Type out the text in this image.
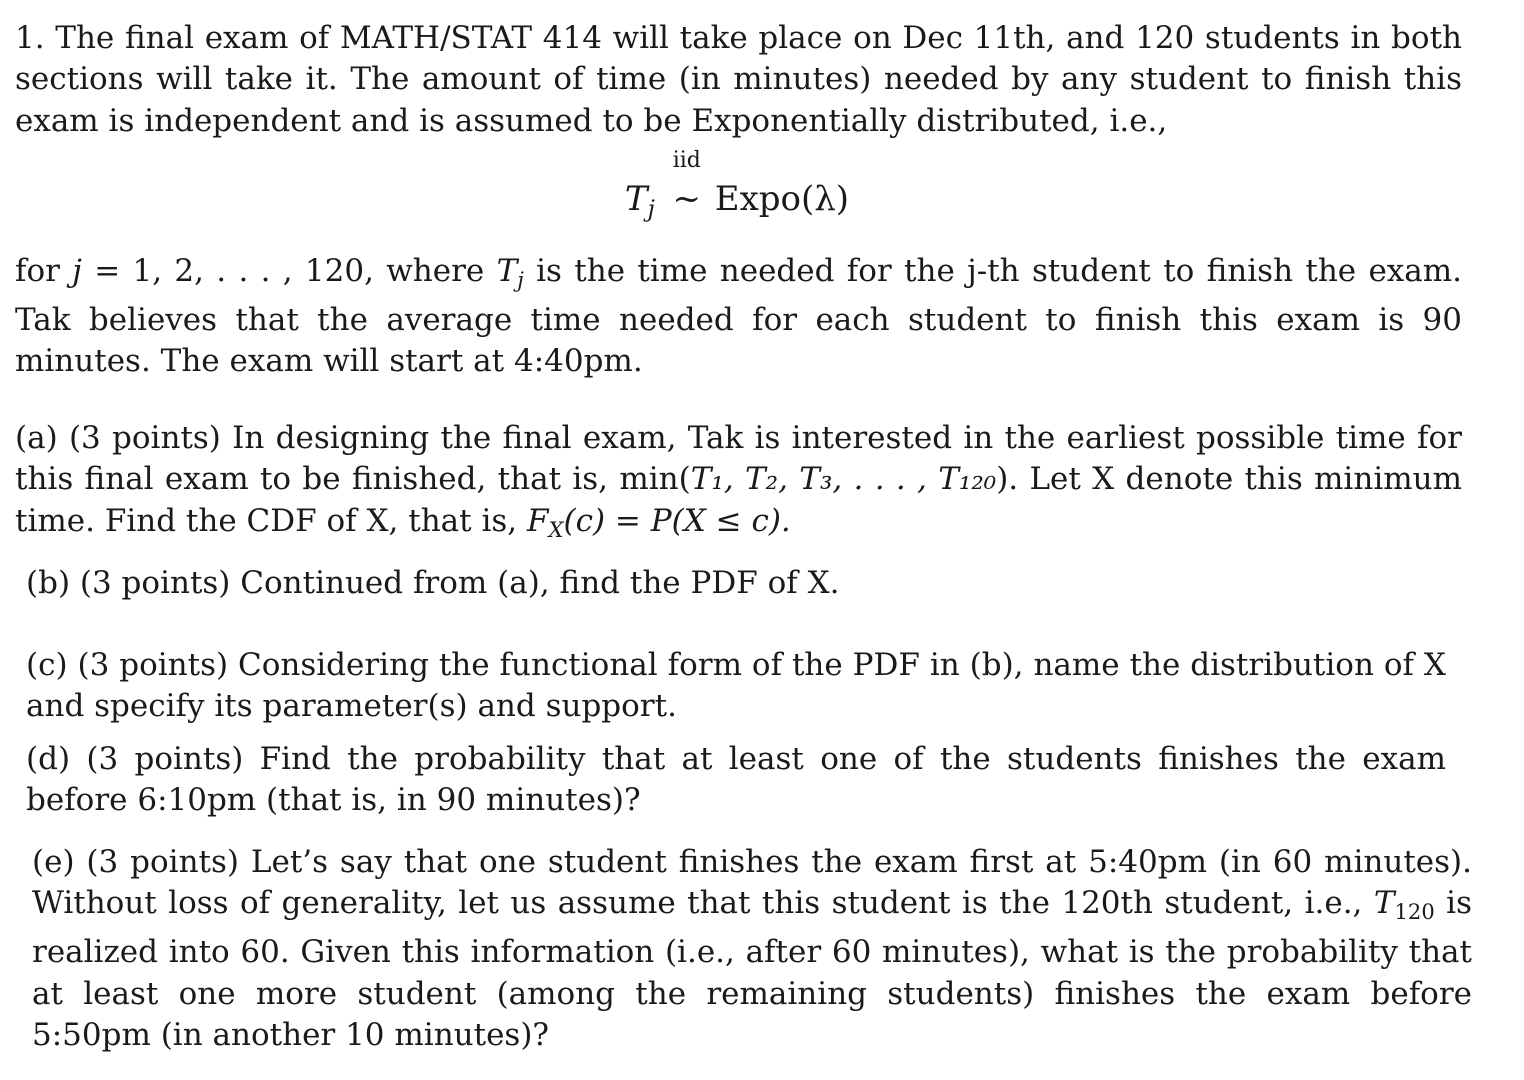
1. The final exam of MATH/STAT 414 will take place on Dec 11th, and 120 students in both sections will take it. The amount of time (in minutes) needed by any student to finish this exam is independent and is assumed to be Exponentially distributed, i.e.,
$T_j$
iid
~ Expo(λ)
for j = 1, 2, . . . , 120, where $T_j$ is the time needed for the j-th student to finish the exam. Tak believes that the average time needed for each student to finish this exam is 90 minutes. The exam will start at 4:40pm.
(a) (3 points) In designing the final exam, Tak is interested in the earliest possible time for this final exam to be finished, that is, min(T₁, T₂, T₃, . . . , T₁₂₀). Let X denote this minimum time. Find the CDF of X, that is, $F_X(c) = P(X \le c)$.
(b) (3 points) Continued from (a), find the PDF of X.
(c) (3 points) Considering the functional form of the PDF in (b), name the distribution of X and specify its parameter(s) and support.
(d) (3 points) Find the probability that at least one of the students finishes the exam before 6:10pm (that is, in 90 minutes)?
(e) (3 points) Let’s say that one student finishes the exam first at 5:40pm (in 60 minutes). Without loss of generality, let us assume that this student is the 120th student, i.e., T120 is realized into 60. Given this information (i.e., after 60 minutes), what is the probability that at least one more student (among the remaining students) finishes the exam before 5:50pm (in another 10 minutes)?
